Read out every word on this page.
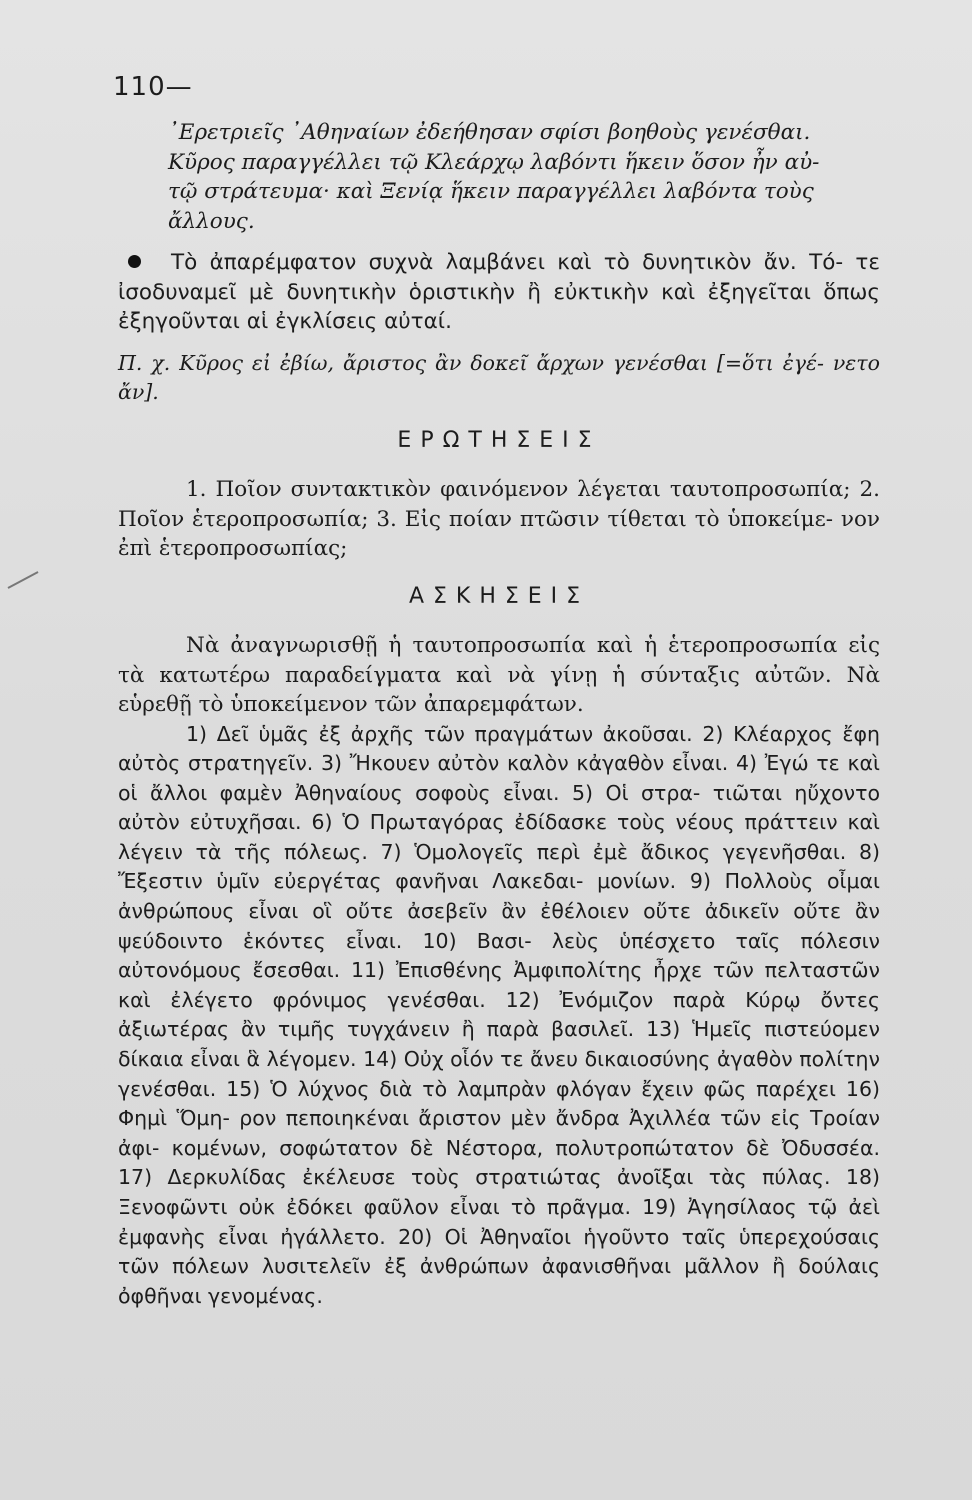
110—

᾽Ερετριεῖς ᾽Αθηναίων ἐδεήθησαν σφίσι βοηθοὺς γενέσθαι.

Κῦρος παραγγέλλει τῷ Κλεάρχῳ λαβόντι ἥκειν ὅσον ἦν αὐ-

τῷ στράτευμα· καὶ Ξενίᾳ ἥκειν παραγγέλλει λαβόντα τοὺς

ἄλλους.

Τὸ ἀπαρέμφατον συχνὰ λαμβάνει καὶ τὸ δυνητικὸν ἄν. Τό- τε ἰσοδυναμεῖ μὲ δυνητικὴν ὁριστικὴν ἢ εὐκτικὴν καὶ ἐξηγεῖται ὅπως ἐξηγοῦνται αἱ ἐγκλίσεις αὐταί.

Π. χ. Κῦρος εἰ ἐβίω, ἄριστος ἂν δοκεῖ ἄρχων γενέσθαι [=ὅτι ἐγέ- νετο ἄν].

ΕΡΩΤΗΣΕΙΣ

1. Ποῖον συντακτικὸν φαινόμενον λέγεται ταυτοπροσωπία; 2. Ποῖον ἑτεροπροσωπία; 3. Εἰς ποίαν πτῶσιν τίθεται τὸ ὑποκείμε- νον ἐπὶ ἑτεροπροσωπίας;

ΑΣΚΗΣΕΙΣ

Νὰ ἀναγνωρισθῇ ἡ ταυτοπροσωπία καὶ ἡ ἑτεροπροσωπία εἰς τὰ κατωτέρω παραδείγματα καὶ νὰ γίνῃ ἡ σύνταξις αὐτῶν. Νὰ εὑρεθῇ τὸ ὑποκείμενον τῶν ἀπαρεμφάτων.

1) Δεῖ ὑμᾶς ἐξ ἀρχῆς τῶν πραγμάτων ἀκοῦσαι. 2) Κλέαρχος ἔφη αὐτὸς στρατηγεῖν. 3) Ἤκουεν αὐτὸν καλὸν κἀγαθὸν εἶναι. 4) Ἐγώ τε καὶ οἱ ἄλλοι φαμὲν Ἀθηναίους σοφοὺς εἶναι. 5) Οἱ στρα- τιῶται ηὔχοντο αὐτὸν εὐτυχῆσαι. 6) Ὁ Πρωταγόρας ἐδίδασκε τοὺς νέους πράττειν καὶ λέγειν τὰ τῆς πόλεως. 7) Ὁμολογεῖς περὶ ἐμὲ ἄδικος γεγενῆσθαι. 8) Ἔξεστιν ὑμῖν εὐεργέτας φανῆναι Λακεδαι- μονίων. 9) Πολλοὺς οἶμαι ἀνθρώπους εἶναι οἳ οὔτε ἀσεβεῖν ἂν ἐθέλοιεν οὔτε ἀδικεῖν οὔτε ἂν ψεύδοιντο ἑκόντες εἶναι. 10) Βασι- λεὺς ὑπέσχετο ταῖς πόλεσιν αὐτονόμους ἔσεσθαι. 11) Ἐπισθένης Ἀμφιπολίτης ἦρχε τῶν πελταστῶν καὶ ἐλέγετο φρόνιμος γενέσθαι. 12) Ἐνόμιζον παρὰ Κύρῳ ὄντες ἀξιωτέρας ἂν τιμῆς τυγχάνειν ἢ παρὰ βασιλεῖ. 13) Ἡμεῖς πιστεύομεν δίκαια εἶναι ἃ λέγομεν. 14) Οὐχ οἷόν τε ἄνευ δικαιοσύνης ἀγαθὸν πολίτην γενέσθαι. 15) Ὁ λύχνος διὰ τὸ λαμπρὰν φλόγαν ἔχειν φῶς παρέχει 16) Φημὶ Ὅμη- ρον πεποιηκέναι ἄριστον μὲν ἄνδρα Ἀχιλλέα τῶν εἰς Τροίαν ἀφι- κομένων, σοφώτατον δὲ Νέστορα, πολυτροπώτατον δὲ Ὀδυσσέα. 17) Δερκυλίδας ἐκέλευσε τοὺς στρατιώτας ἀνοῖξαι τὰς πύλας. 18) Ξενοφῶντι οὐκ ἐδόκει φαῦλον εἶναι τὸ πρᾶγμα. 19) Ἀγησίλαος τῷ ἀεὶ ἐμφανὴς εἶναι ἠγάλλετο. 20) Οἱ Ἀθηναῖοι ἡγοῦντο ταῖς ὑπερεχούσαις τῶν πόλεων λυσιτελεῖν ἐξ ἀνθρώπων ἀφανισθῆναι μᾶλλον ἢ δούλαις ὀφθῆναι γενομένας.
